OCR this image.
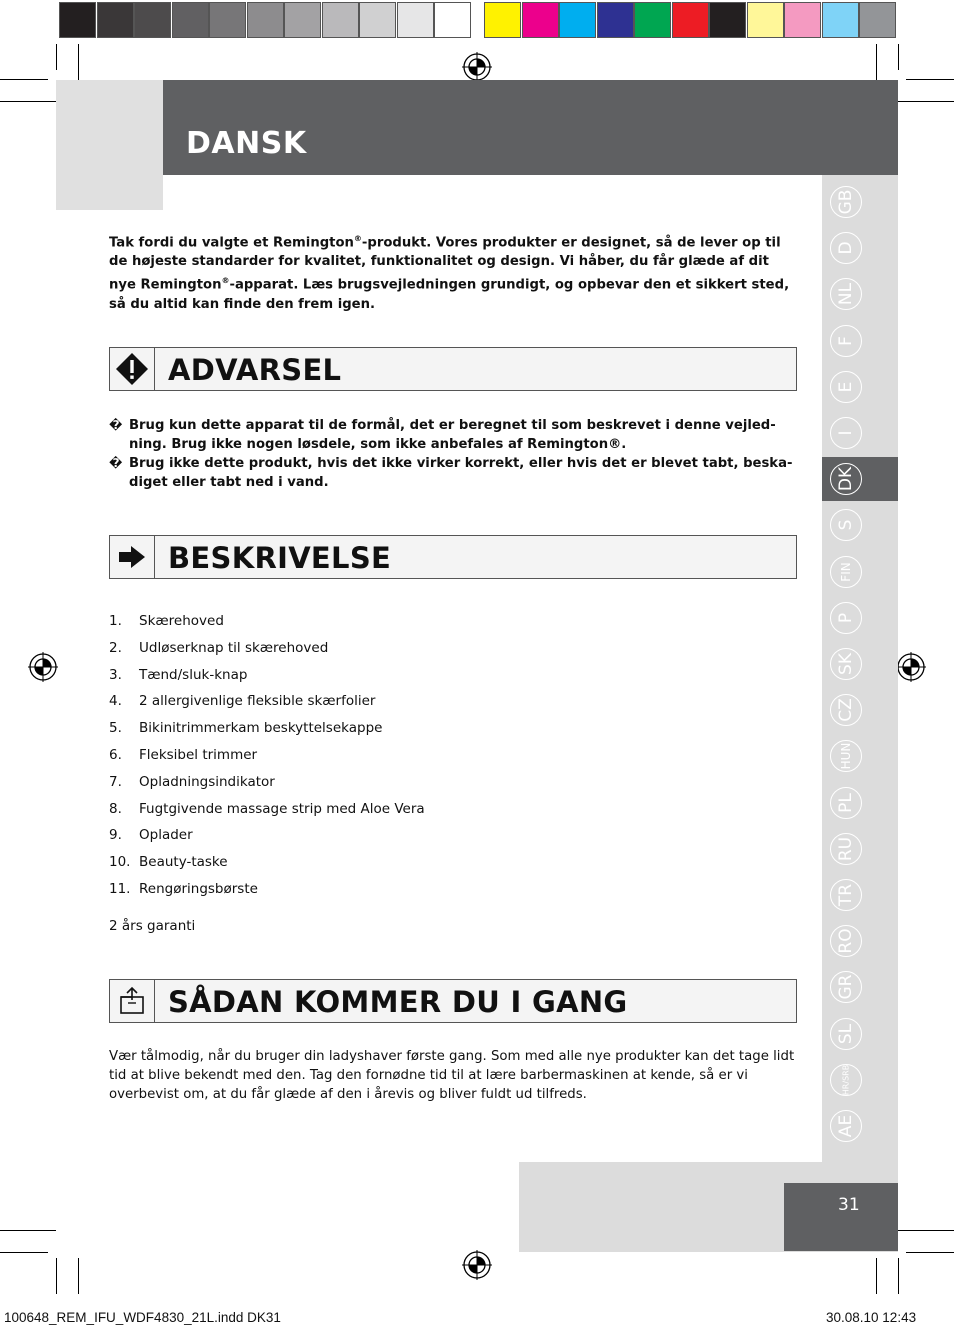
DANSK
GB
D
NL
F
E
I
DK
S
FIN
P
SK
CZ
HUN
PL
RU
TR
RO
GR
SL
HR/SRB
AE
Tak fordi du valgte et Remington®-produkt. Vores produkter er designet, så de lever op til de højeste standarder for kvalitet, funktionalitet og design. Vi håber, du får glæde af dit nye Remington®-apparat. Læs brugsvejledningen grundigt, og opbevar den et sikkert sted, så du altid kan finde den frem igen.
ADVARSEL
� Brug kun dette apparat til de formål, det er beregnet til som beskrevet i denne vejled-ning. Brug ikke nogen løsdele, som ikke anbefales af Remington®.
� Brug ikke dette produkt, hvis det ikke virker korrekt, eller hvis det er blevet tabt, beska-diget eller tabt ned i vand.
BESKRIVELSE
1. Skærehoved
2. Udløserknap til skærehoved
3. Tænd/sluk-knap
4. 2 allergivenlige fleksible skærfolier
5. Bikinitrimmerkam beskyttelsekappe
6. Fleksibel trimmer
7. Opladningsindikator
8. Fugtgivende massage strip med Aloe Vera
9. Oplader
10. Beauty-taske
11. Rengøringsbørste
2 års garanti
SÅDAN KOMMER DU I GANG
Vær tålmodig, når du bruger din ladyshaver første gang. Som med alle nye produkter kan det tage lidt tid at blive bekendt med den. Tag den fornødne tid til at lære barbermaskinen at kende, så er vi overbevist om, at du får glæde af den i årevis og bliver fuldt ud tilfreds.
31
100648_REM_IFU_WDF4830_21L.indd DK31	30.08.10 12:43
